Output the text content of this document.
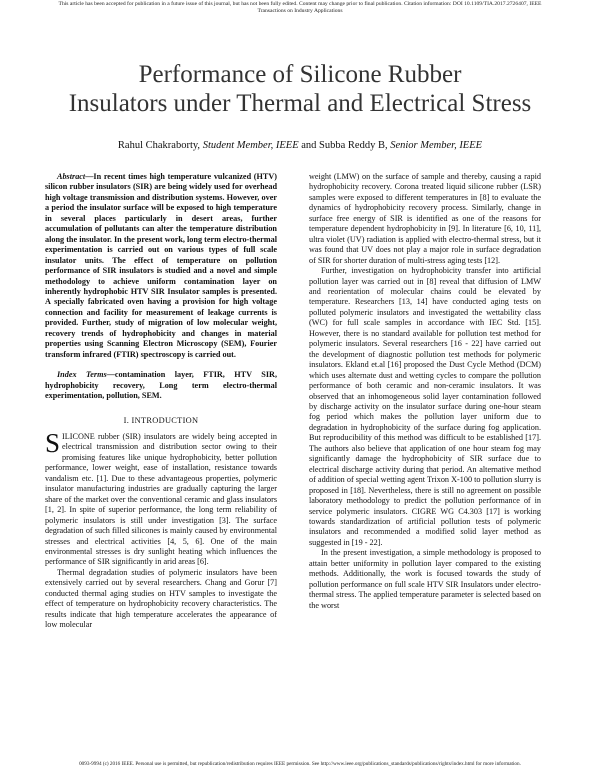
This article has been accepted for publication in a future issue of this journal, but has not been fully edited. Content may change prior to final publication. Citation information: DOI 10.1109/TIA.2017.2726407, IEEE
Transactions on Industry Applications
Performance of Silicone Rubber
Insulators under Thermal and Electrical Stress
Rahul Chakraborty, Student Member, IEEE and Subba Reddy B, Senior Member, IEEE

Abstract—In recent times high temperature vulcanized (HTV) silicon rubber insulators (SIR) are being widely used for overhead high voltage transmission and distribution systems. However, over a period the insulator surface will be exposed to high temperature in several places particularly in desert areas, further accumulation of pollutants can alter the temperature distribution along the insulator. In the present work, long term electro-thermal experimentation is carried out on various types of full scale insulator units. The effect of temperature on pollution performance of SIR insulators is studied and a novel and simple methodology to achieve uniform contamination layer on inherently hydrophobic HTV SIR Insulator samples is presented. A specially fabricated oven having a provision for high voltage connection and facility for measurement of leakage currents is provided. Further, study of migration of low molecular weight, recovery trends of hydrophobicity and changes in material properties using Scanning Electron Microscopy (SEM), Fourier transform infrared (FTIR) spectroscopy is carried out.

Index Terms—contamination layer, FTIR, HTV SIR, hydrophobicity recovery, Long term electro-thermal experimentation, pollution, SEM.

I. INTRODUCTION

SILICONE rubber (SIR) insulators are widely being accepted in electrical transmission and distribution sector owing to their promising features like unique hydrophobicity, better pollution performance, lower weight, ease of installation, resistance towards vandalism etc. [1]. Due to these advantageous properties, polymeric insulator manufacturing industries are gradually capturing the larger share of the market over the conventional ceramic and glass insulators [1, 2]. In spite of superior performance, the long term reliability of polymeric insulators is still under investigation [3]. The surface degradation of such filled silicones is mainly caused by environmental stresses and electrical activities [4, 5, 6]. One of the main environmental stresses is dry sunlight heating which influences the performance of SIR significantly in arid areas [6].

Thermal degradation studies of polymeric insulators have been extensively carried out by several researchers. Chang and Gorur [7] conducted thermal aging studies on HTV samples to investigate the effect of temperature on hydrophobicity recovery characteristics. The results indicate that high temperature accelerates the appearance of low molecular

weight (LMW) on the surface of sample and thereby, causing a rapid hydrophobicity recovery. Corona treated liquid silicone rubber (LSR) samples were exposed to different temperatures in [8] to evaluate the dynamics of hydrophobicity recovery process. Similarly, change in surface free energy of SIR is identified as one of the reasons for temperature dependent hydrophobicity in [9]. In literature [6, 10, 11], ultra violet (UV) radiation is applied with electro-thermal stress, but it was found that UV does not play a major role in surface degradation of SIR for shorter duration of multi-stress aging tests [12].

Further, investigation on hydrophobicity transfer into artificial pollution layer was carried out in [8] reveal that diffusion of LMW and reorientation of molecular chains could be elevated by temperature. Researchers [13, 14] have conducted aging tests on polluted polymeric insulators and investigated the wettability class (WC) for full scale samples in accordance with IEC Std. [15]. However, there is no standard available for pollution test method for polymeric insulators. Several researchers [16 - 22] have carried out the development of diagnostic pollution test methods for polymeric insulators. Ekland et.al [16] proposed the Dust Cycle Method (DCM) which uses alternate dust and wetting cycles to compare the pollution performance of both ceramic and non-ceramic insulators. It was observed that an inhomogeneous solid layer contamination followed by discharge activity on the insulator surface during one-hour steam fog period which makes the pollution layer uniform due to degradation in hydrophobicity of the surface during fog application. But reproducibility of this method was difficult to be established [17]. The authors also believe that application of one hour steam fog may significantly damage the hydrophobicity of SIR surface due to electrical discharge activity during that period. An alternative method of addition of special wetting agent Trixon X-100 to pollution slurry is proposed in [18]. Nevertheless, there is still no agreement on possible laboratory methodology to predict the pollution performance of in service polymeric insulators. CIGRE WG C4.303 [17] is working towards standardization of artificial pollution tests of polymeric insulators and recommended a modified solid layer method as suggested in [19 - 22].

In the present investigation, a simple methodology is proposed to attain better uniformity in pollution layer compared to the existing methods. Additionally, the work is focused towards the study of pollution performance on full scale HTV SIR Insulators under electro-thermal stress. The applied temperature parameter is selected based on the worst

0093-9994 (c) 2016 IEEE. Personal use is permitted, but republication/redistribution requires IEEE permission. See http://www.ieee.org/publications_standards/publications/rights/index.html for more information.
